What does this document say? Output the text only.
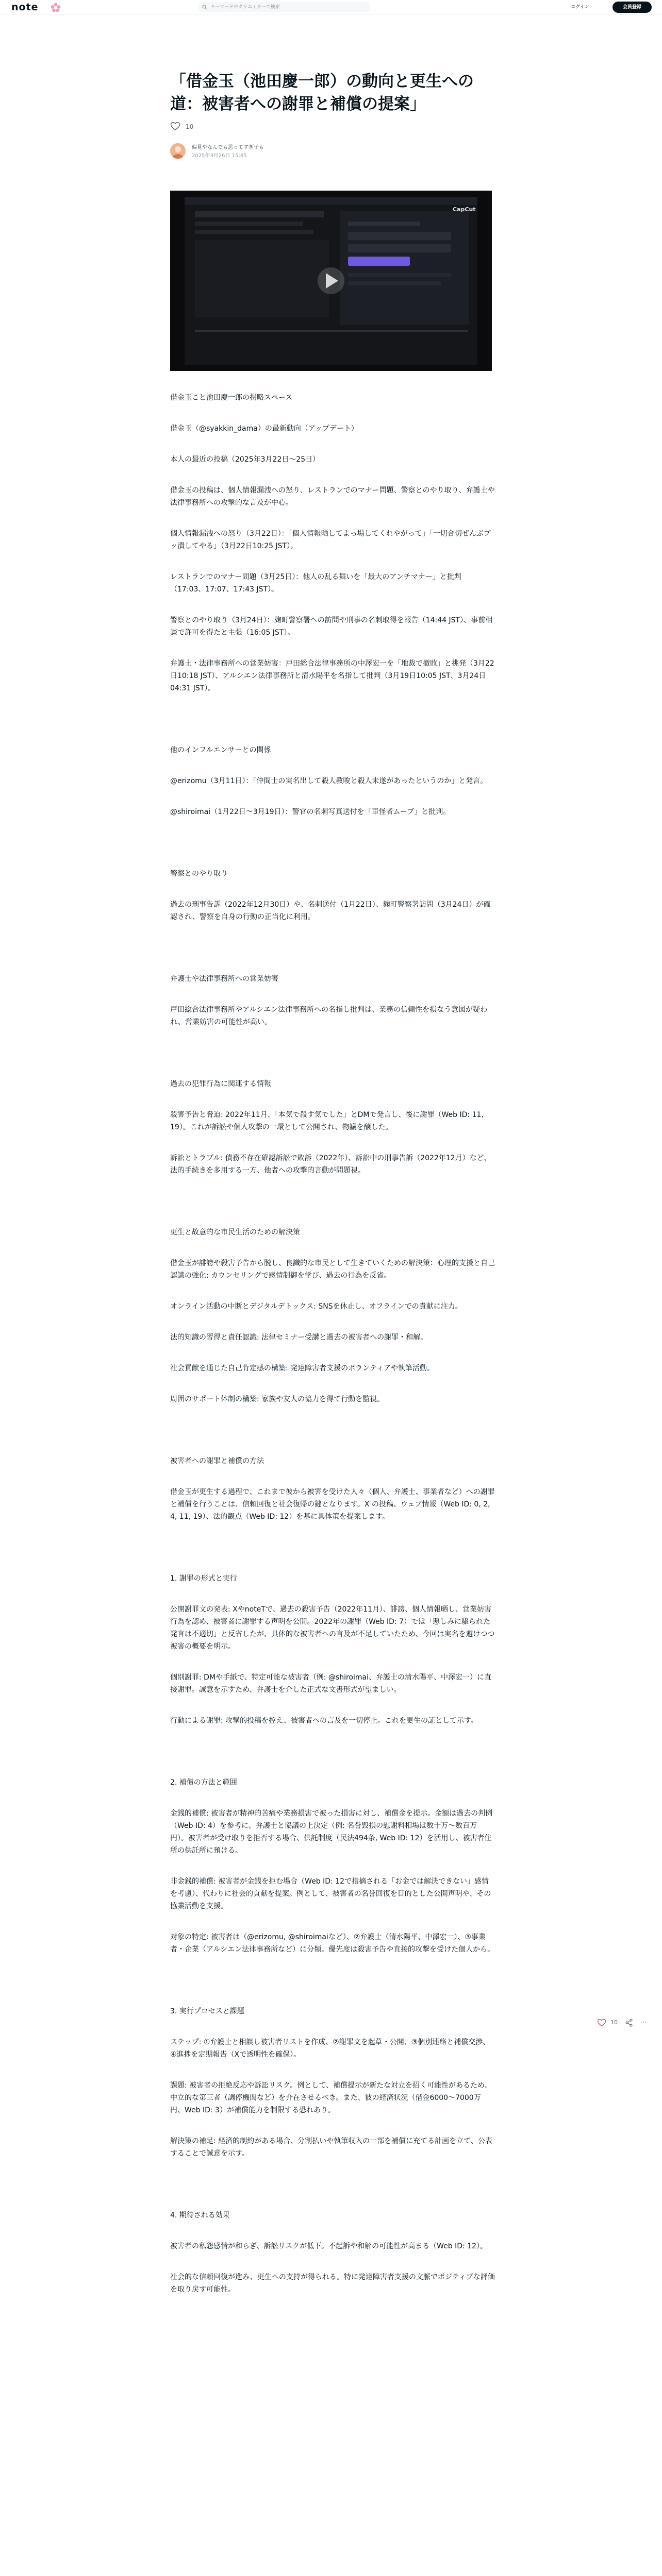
note	キーワードやクリエイターで検索	ログイン	会員登録
「借金玉（池田慶一郎）の動向と更生への道：被害者への謝罪と補償の提案」
10
偏見やなんでも思ってすぎ子も
2025年3月26日 15:45
CapCut

借金玉こと池田慶一郎の拐略スペース

借金玉（@syakkin_dama）の最新動向（アップデート）

本人の最近の投稿（2025年3月22日〜25日）

借金玉の投稿は、個人情報漏洩への怒り、レストランでのマナー問題、警察とのやり取り、弁護士や法律事務所への攻撃的な言及が中心。

個人情報漏洩への怒り（3月22日）：「個人情報晒してよっ場してくれやがって」「一切合切ぜんぶブッ潰してやる」（3月22日10:25 JST）。

レストランでのマナー問題（3月25日）：他人の乱る舞いを「最大のアンチマナー」と批判（17:03、17:07、17:43 JST）。

警察とのやり取り（3月24日）：麹町警察署への訪問や刑事の名刺取得を報告（14:44 JST）、事前相談で許可を得たと主張（16:05 JST）。

弁護士・法律事務所への営業妨害：戸田総合法律事務所の中澤宏一を「地裁で撤敗」と挑発（3月22日10:18 JST）、アルシエン法律事務所と清水陽平を名指して批判（3月19日10:05 JST、3月24日04:31 JST）。

他のインフルエンサーとの関係

@erizomu（3月11日）：「仲間士の実名出して殺人教唆と殺人未遂があったというのか」と発言。

@shiroimai（1月22日〜3月19日）：警官の名刺写真送付を「車怪者ムーブ」と批判。

警察とのやり取り

過去の刑事告訴（2022年12月30日）や、名刺送付（1月22日）、麹町警察署訪問（3月24日）が確認され、警察を自身の行動の正当化に利用。

弁護士や法律事務所への営業妨害

戸田総合法律事務所やアルシエン法律事務所への名指し批判は、業務の信頼性を損なう意図が疑われ、営業妨害の可能性が高い。

過去の犯罪行為に関連する情報

殺害予告と脅迫: 2022年11月、「本気で殺す気でした」とDMで発言し、後に謝罪（Web ID: 11, 19）。これが訴訟や個人攻撃の一環として公開され、物議を醸した。

訴訟とトラブル: 債務不存在確認訴訟で敗訴（2022年）、訴訟中の刑事告訴（2022年12月）など、法的手続きを多用する一方、他者への攻撃的言動が問題視。

更生と故意的な市民生活のための解決策

借金玉が誹謗や殺害予告から脱し、良識的な市民として生きていくための解決策：心理的支援と自己認識の強化: カウンセリングで感情制御を学び、過去の行為を反省。

オンライン活動の中断とデジタルデトックス: SNSを休止し、オフラインでの責献に注力。

法的知識の習得と責任認識: 法律セミナー受講と過去の被害者への謝罪・和解。

社会貢献を通じた自己肯定感の構築: 発達障害者支援のボランティアや執筆活動。

周囲のサポート体制の構築: 家族や友人の協力を得て行動を監視。

被害者への謝罪と補償の方法

借金玉が更生する過程で、これまで彼から被害を受けた人々（個人、弁護士、事業者など）への謝罪と補償を行うことは、信頼回復と社会復帰の鍵となります。X の投稿、ウェブ情報（Web ID: 0, 2, 4, 11, 19）、法的観点（Web ID: 12）を基に具体策を提案します。

1. 謝罪の形式と実行

公開謝罪文の発表: XやnoteTで、過去の殺害予告（2022年11月）、誹謗、個人情報晒し、営業妨害行為を認め、被害者に謝罪する声明を公開。2022年の謝罪（Web ID: 7）では「悪しみに駆られた発言は不適切」と反省したが、具体的な被害者への言及が不足していたため、今回は実名を避けつつ被害の概要を明示。

個別謝罪: DMや手紙で、特定可能な被害者（例: @shiroimai、弁護士の清水陽平、中澤宏一）に直接謝罪。誠意を示すため、弁護士を介した正式な文書形式が望ましい。

行動による謝罪: 攻撃的投稿を控え、被害者への言及を一切停止。これを更生の証として示す。

2. 補償の方法と範囲

金銭的補償: 被害者が精神的苦痛や業務損害で被った損害に対し、補償金を提示。金額は過去の判例（Web ID: 4）を参考に、弁護士と協議の上決定（例: 名誉毀損の慰謝料相場は数十万〜数百万円）。被害者が受け取りを拒否する場合、供託制度（民法494条, Web ID: 12）を活用し、被害者住所の供託所に預ける。

非金銭的補償: 被害者が金銭を拒む場合（Web ID: 12で指摘される「お金では解決できない」感情を考慮）、代わりに社会的貢献を提案。例として、被害者の名誉回復を目的とした公開声明や、その協業活動を支援。

対象の特定: 被害者は（@erizomu, @shiroimaiなど）、②弁護士（清水陽平、中澤宏一）、③事業者・企業（アルシエン法律事務所など）に分類。優先度は殺害予告や直接的攻撃を受けた個人から。

3. 実行プロセスと課題

ステップ: ①弁護士と相談し被害者リストを作成、②謝罪文を起草・公開、③個別連絡と補償交渉、④進捗を定期報告（Xで透明性を確保）。

課題: 被害者の拒絶反応や訴訟リスク。例として、補償提示が新たな対立を招く可能性があるため、中立的な第三者（調停機関など）を介在させるべき。また、彼の経済状況（借金6000〜7000万円、Web ID: 3）が補償能力を制限する恐れあり。

解決策の補足: 経済的制約がある場合、分割払いや執筆収入の一部を補償に充てる計画を立て、公表することで誠意を示す。

4. 期待される効果

被害者の私怨感情が和らぎ、訴訟リスクが低下。不起訴や和解の可能性が高まる（Web ID: 12）。

社会的な信頼回復が進み、更生への支持が得られる。特に発達障害者支援の文脈でポジティブな評価を取り戻す可能性。

10	⋯
